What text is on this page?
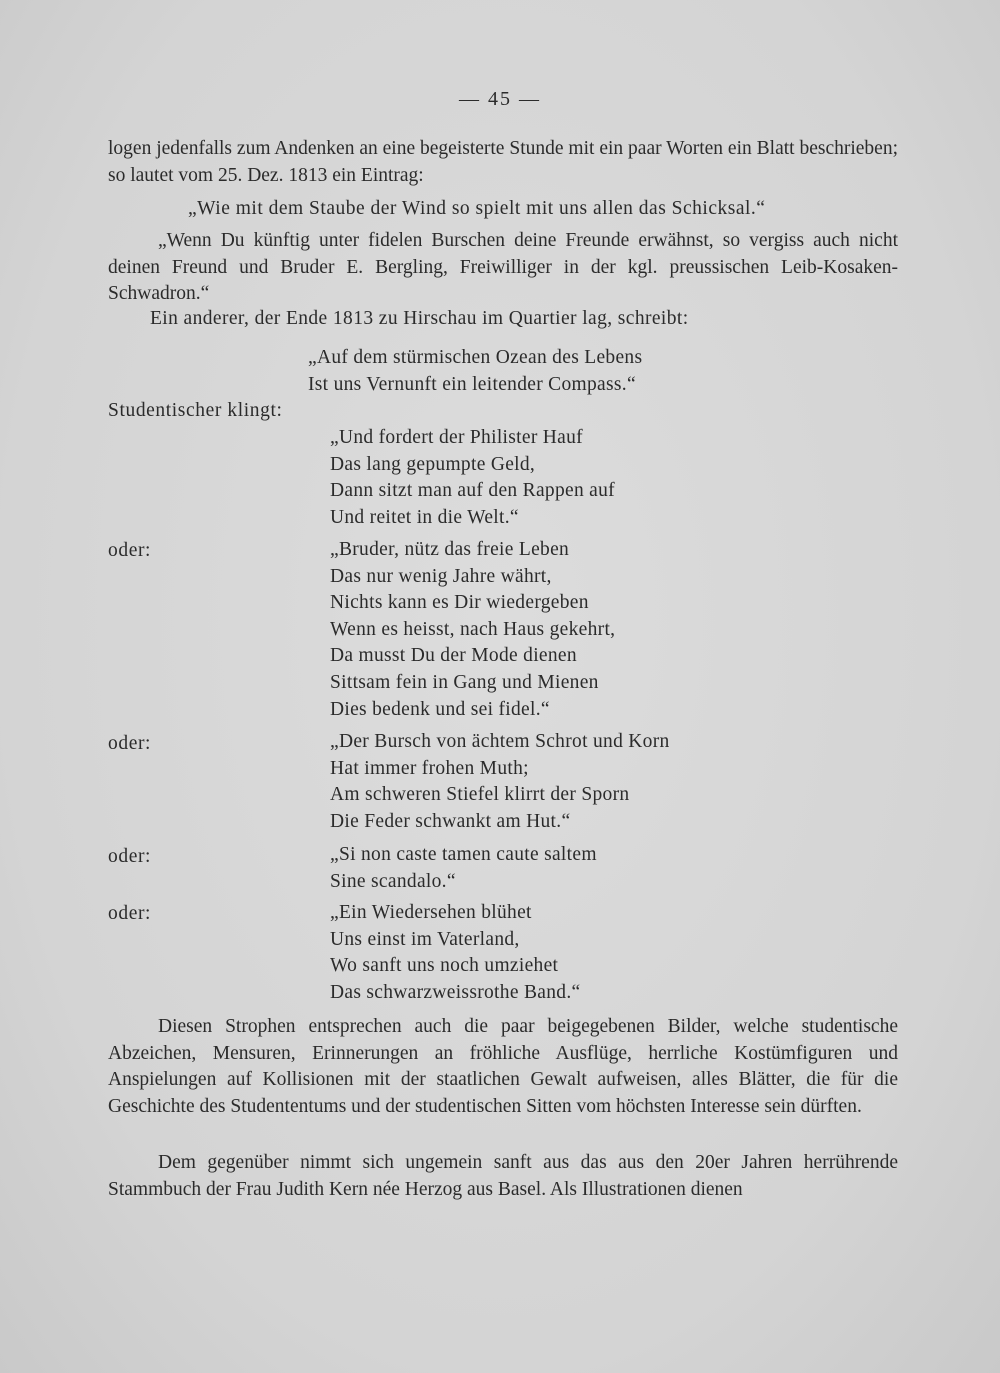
— 45 —
logen jedenfalls zum Andenken an eine begeisterte Stunde mit ein paar Worten ein Blatt beschrieben; so lautet vom 25. Dez. 1813 ein Eintrag:
„Wie mit dem Staube der Wind so spielt mit uns allen das Schicksal.“
„Wenn Du künftig unter fidelen Burschen deine Freunde erwähnst, so vergiss auch nicht deinen Freund und Bruder E. Bergling, Freiwilliger in der kgl. preussischen Leib-Kosaken-Schwadron.“
Ein anderer, der Ende 1813 zu Hirschau im Quartier lag, schreibt:
„Auf dem stürmischen Ozean des Lebens
Ist uns Vernunft ein leitender Compass.“
Studentischer klingt:
„Und fordert der Philister Hauf
Das lang gepumpte Geld,
Dann sitzt man auf den Rappen auf
Und reitet in die Welt.“
oder:	„Bruder, nütz das freie Leben
Das nur wenig Jahre währt,
Nichts kann es Dir wiedergeben
Wenn es heisst, nach Haus gekehrt,
Da musst Du der Mode dienen
Sittsam fein in Gang und Mienen
Dies bedenk und sei fidel.“
oder:	„Der Bursch von ächtem Schrot und Korn
Hat immer frohen Muth;
Am schweren Stiefel klirrt der Sporn
Die Feder schwankt am Hut.“
oder:	„Si non caste tamen caute saltem
Sine scandalo.“
oder:	„Ein Wiedersehen blühet
Uns einst im Vaterland,
Wo sanft uns noch umziehet
Das schwarzweissrothe Band.“
Diesen Strophen entsprechen auch die paar beigegebenen Bilder, welche studentische Abzeichen, Mensuren, Erinnerungen an fröhliche Ausflüge, herrliche Kostümfiguren und Anspielungen auf Kollisionen mit der staatlichen Gewalt aufweisen, alles Blätter, die für die Geschichte des Studententums und der studentischen Sitten vom höchsten Interesse sein dürften.
Dem gegenüber nimmt sich ungemein sanft aus das aus den 20er Jahren herrührende Stammbuch der Frau Judith Kern née Herzog aus Basel. Als Illustrationen dienen
